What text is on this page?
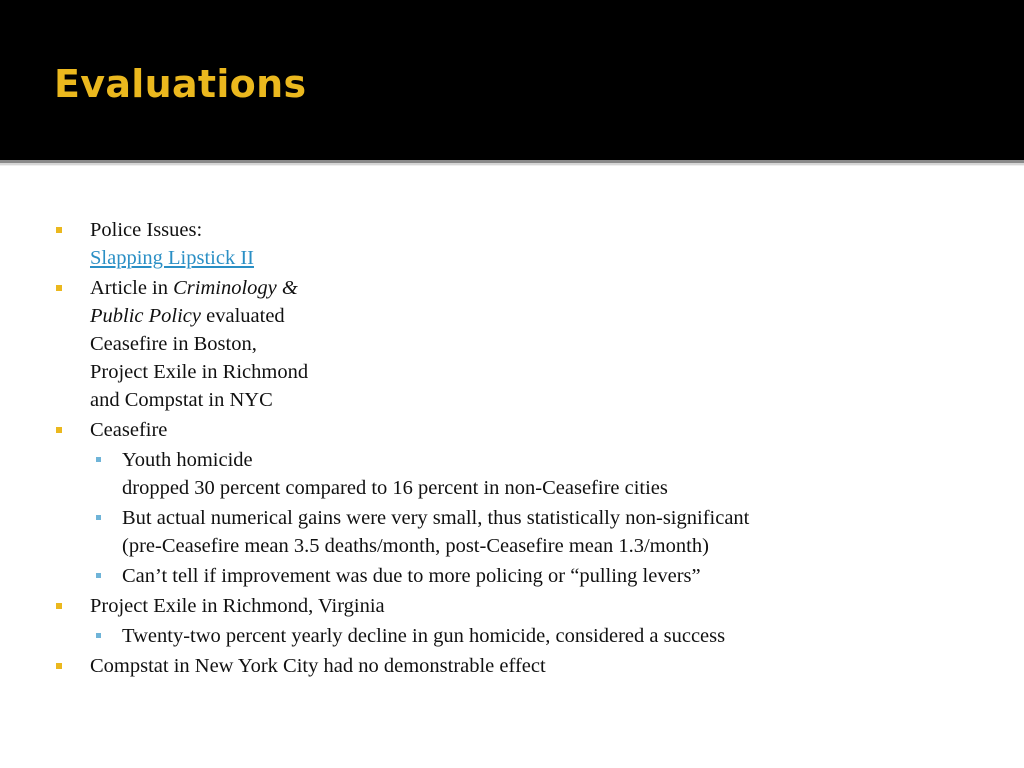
Evaluations
Police Issues:
Slapping Lipstick II
Article in Criminology &
Public Policy evaluated
Ceasefire in Boston,
Project Exile in Richmond
and Compstat in NYC
Ceasefire
Youth homicide
dropped 30 percent compared to 16 percent in non-Ceasefire cities
But actual numerical gains were very small, thus statistically non-significant
(pre-Ceasefire mean 3.5 deaths/month, post-Ceasefire mean 1.3/month)
Can’t tell if improvement was due to more policing or “pulling levers”
Project Exile in Richmond, Virginia
Twenty-two percent yearly decline in gun homicide, considered a success
Compstat in New York City had no demonstrable effect
